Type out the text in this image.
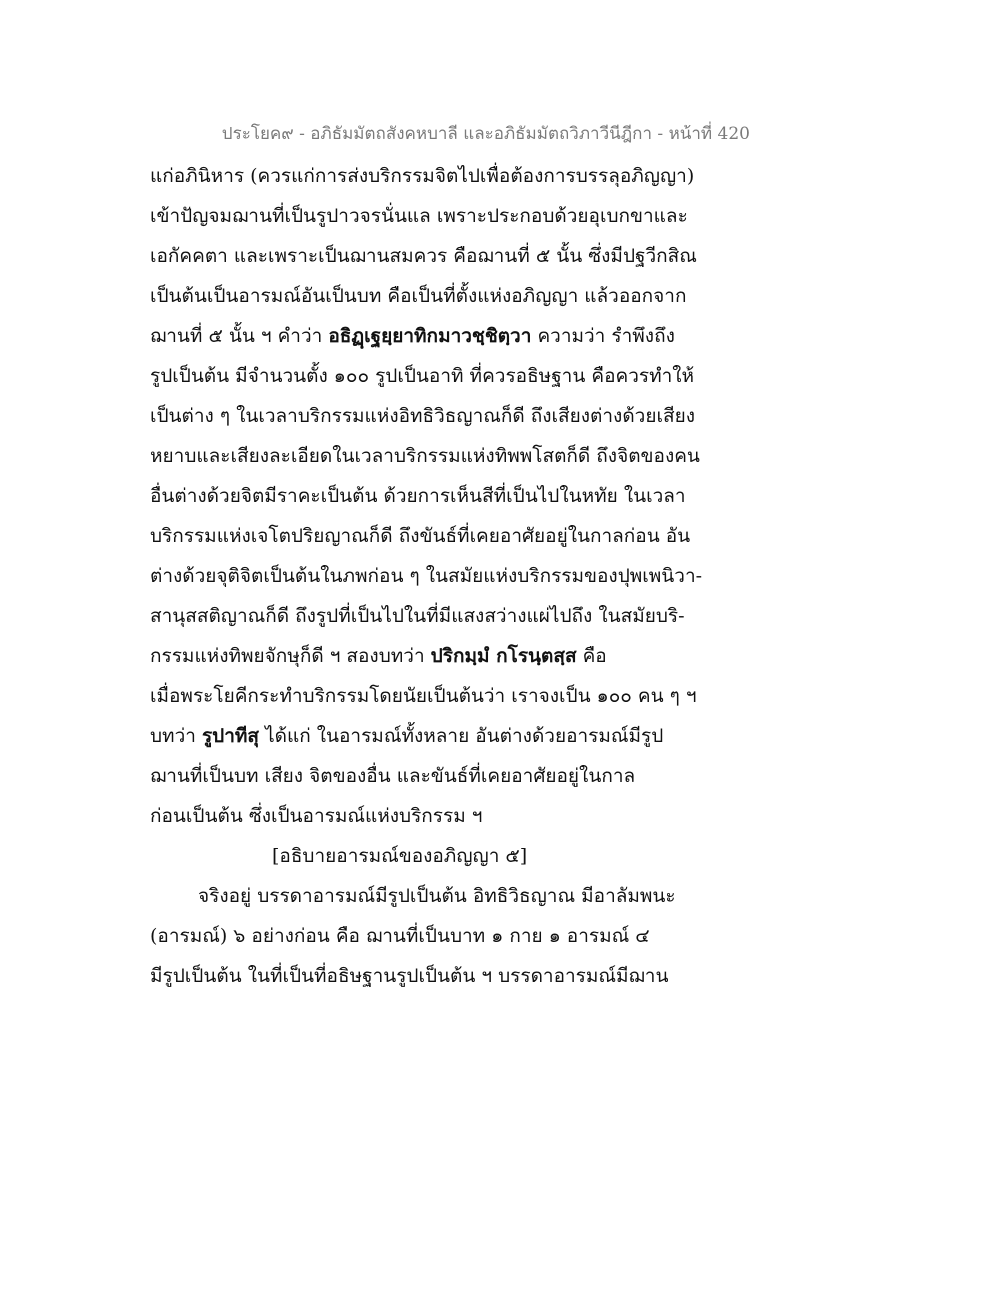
ประโยค๙ - อภิธัมมัตถสังคหบาลี และอภิธัมมัตถวิภาวีนีฎีกา - หน้าที่ 420
แก่อภินิหาร (ควรแก่การส่งบริกรรมจิตไปเพื่อต้องการบรรลุอภิญญา)
เข้าปัญจมฌานที่เป็นรูปาวจรนั่นแล เพราะประกอบด้วยอุเบกขาและ
เอกัคคตา และเพราะเป็นฌานสมควร คือฌานที่ ๕ นั้น ซึ่งมีปฐวีกสิณ
เป็นต้นเป็นอารมณ์อันเป็นบท คือเป็นที่ตั้งแห่งอภิญญา แล้วออกจาก
ฌานที่ ๕ นั้น ฯ คำว่า อธิฏฺเฐยฺยาทิกมาวชฺชิตฺวา ความว่า รำพึงถึง
รูปเป็นต้น มีจำนวนตั้ง ๑๐๐ รูปเป็นอาทิ ที่ควรอธิษฐาน คือควรทำให้
เป็นต่าง ๆ ในเวลาบริกรรมแห่งอิทธิวิธญาณก็ดี ถึงเสียงต่างด้วยเสียง
หยาบและเสียงละเอียดในเวลาบริกรรมแห่งทิพพโสตก็ดี ถึงจิตของคน
อื่นต่างด้วยจิตมีราคะเป็นต้น ด้วยการเห็นสีที่เป็นไปในหทัย ในเวลา
บริกรรมแห่งเจโตปริยญาณก็ดี ถึงขันธ์ที่เคยอาศัยอยู่ในกาลก่อน อัน
ต่างด้วยจุติจิตเป็นต้นในภพก่อน ๆ ในสมัยแห่งบริกรรมของปุพเพนิวา-
สานุสสติญาณก็ดี ถึงรูปที่เป็นไปในที่มีแสงสว่างแผ่ไปถึง ในสมัยบริ-
กรรมแห่งทิพยจักษุก็ดี ฯ สองบทว่า ปริกมฺมํ กโรนฺตสฺส คือ
เมื่อพระโยคีกระทำบริกรรมโดยนัยเป็นต้นว่า เราจงเป็น ๑๐๐ คน ๆ ฯ
บทว่า รูปาทีสุ ได้แก่ ในอารมณ์ทั้งหลาย อันต่างด้วยอารมณ์มีรูป
ฌานที่เป็นบท เสียง จิตของอื่น และขันธ์ที่เคยอาศัยอยู่ในกาล
ก่อนเป็นต้น ซึ่งเป็นอารมณ์แห่งบริกรรม ฯ
[อธิบายอารมณ์ของอภิญญา ๕]
จริงอยู่ บรรดาอารมณ์มีรูปเป็นต้น อิทธิวิธญาณ มีอาลัมพนะ
(อารมณ์) ๖ อย่างก่อน คือ ฌานที่เป็นบาท ๑ กาย ๑ อารมณ์ ๔
มีรูปเป็นต้น ในที่เป็นที่อธิษฐานรูปเป็นต้น ฯ บรรดาอารมณ์มีฌาน
